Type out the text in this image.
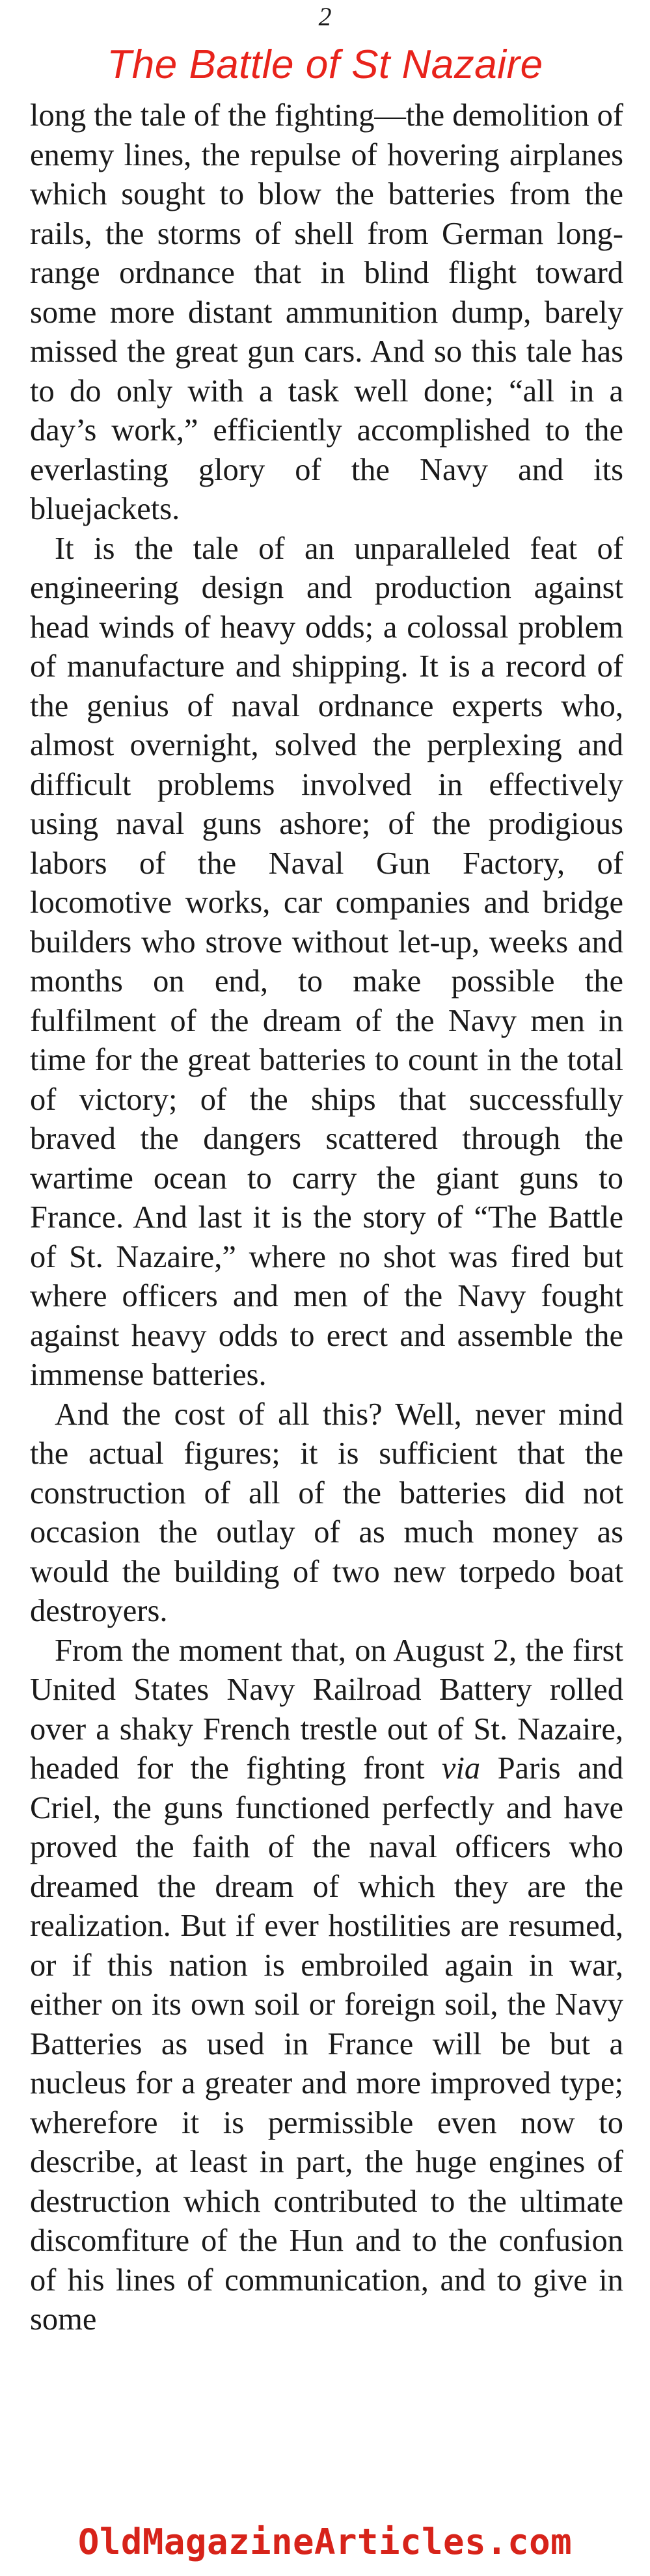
2
The Battle of St Nazaire

long the tale of the fighting—the demolition of enemy lines, the repulse of hovering airplanes which sought to blow the batteries from the rails, the storms of shell from German long-range ordnance that in blind flight toward some more distant ammunition dump, barely missed the great gun cars. And so this tale has to do only with a task well done; “all in a day’s work,” efficiently accomplished to the everlasting glory of the Navy and its bluejackets.

It is the tale of an unparalleled feat of engineering design and production against head winds of heavy odds; a colossal problem of manufacture and shipping. It is a record of the genius of naval ordnance experts who, almost overnight, solved the perplexing and difficult problems involved in effectively using naval guns ashore; of the prodigious labors of the Naval Gun Factory, of locomotive works, car companies and bridge builders who strove without let-up, weeks and months on end, to make possible the fulfilment of the dream of the Navy men in time for the great batteries to count in the total of victory; of the ships that successfully braved the dangers scattered through the wartime ocean to carry the giant guns to France. And last it is the story of “The Battle of St. Nazaire,” where no shot was fired but where officers and men of the Navy fought against heavy odds to erect and assemble the immense batteries.

And the cost of all this? Well, never mind the actual figures; it is sufficient that the construction of all of the batteries did not occasion the outlay of as much money as would the building of two new torpedo boat destroyers.

From the moment that, on August 2, the first United States Navy Railroad Battery rolled over a shaky French trestle out of St. Nazaire, headed for the fighting front via Paris and Criel, the guns functioned perfectly and have proved the faith of the naval officers who dreamed the dream of which they are the realization. But if ever hostilities are resumed, or if this nation is embroiled again in war, either on its own soil or foreign soil, the Navy Batteries as used in France will be but a nucleus for a greater and more improved type; wherefore it is permissible even now to describe, at least in part, the huge engines of destruction which contributed to the ultimate discomfiture of the Hun and to the confusion of his lines of communication, and to give in some

OldMagazineArticles.com
